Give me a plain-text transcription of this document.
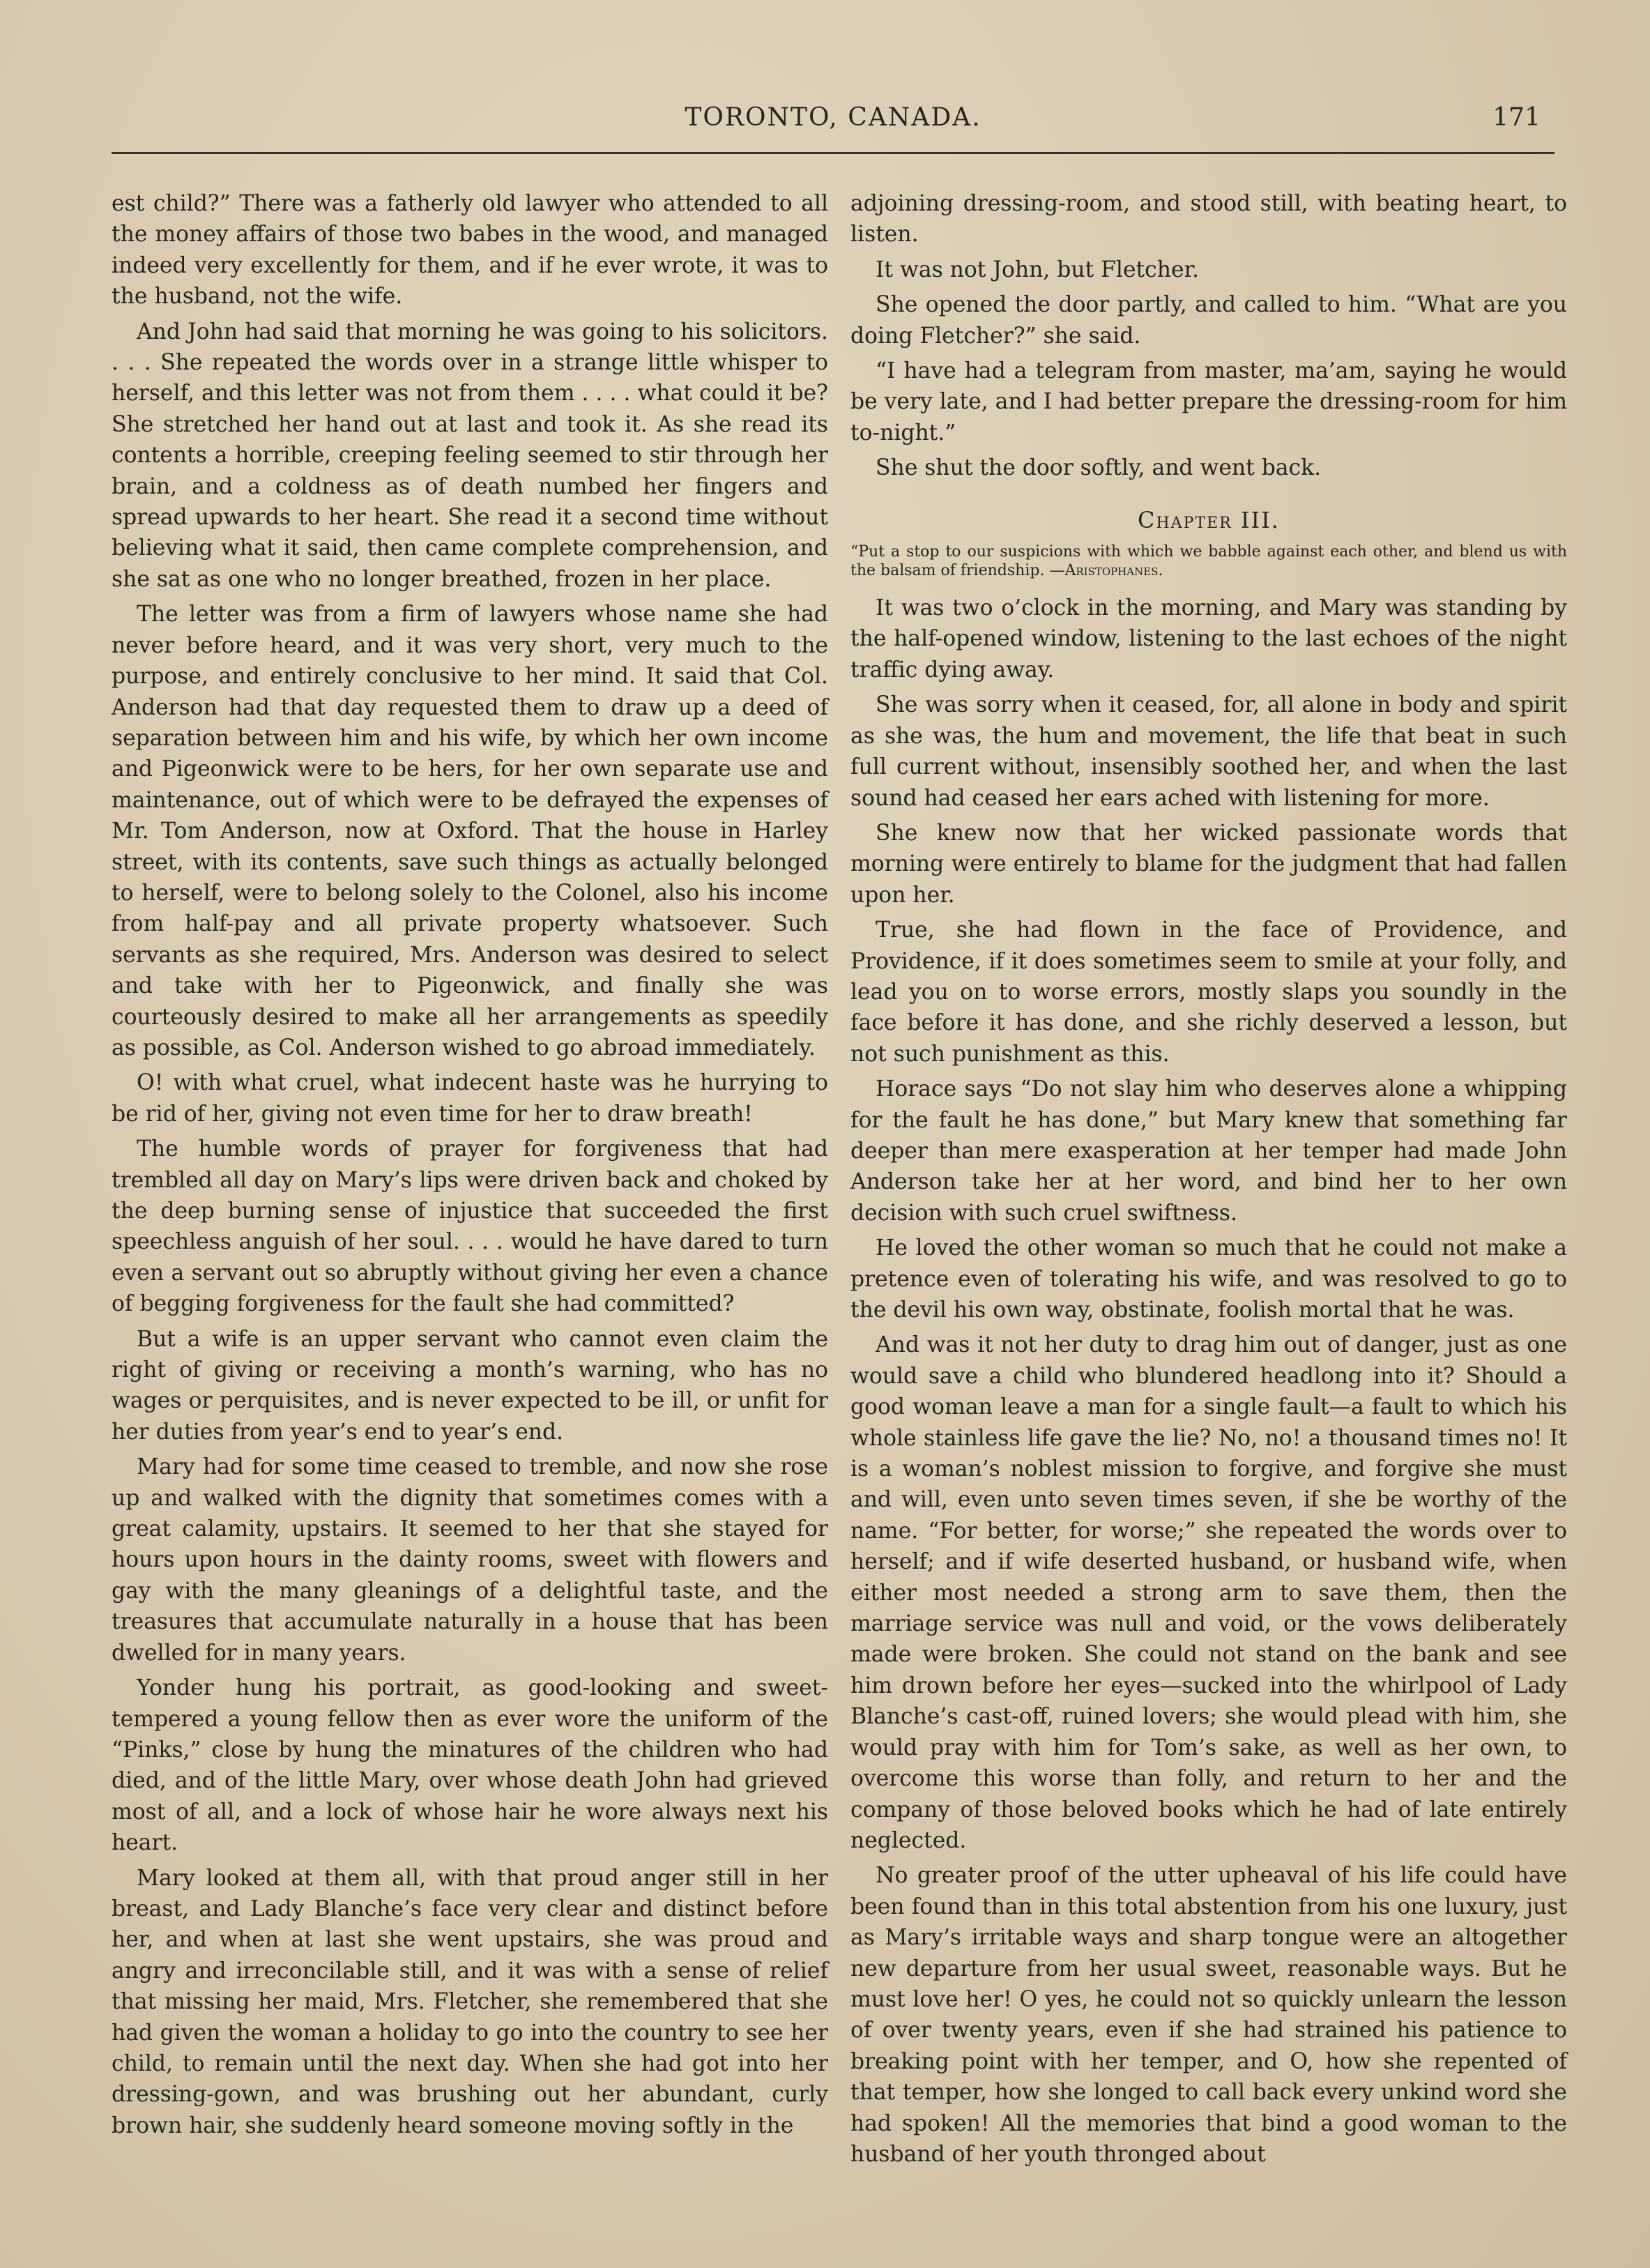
TORONTO, CANADA.	171

est child?” There was a fatherly old lawyer who attended to all the money affairs of those two babes in the wood, and managed indeed very excellently for them, and if he ever wrote, it was to the husband, not the wife.

And John had said that morning he was going to his solicitors. . . . She repeated the words over in a strange little whisper to herself, and this letter was not from them . . . . what could it be? She stretched her hand out at last and took it. As she read its contents a horrible, creeping feeling seemed to stir through her brain, and a coldness as of death numbed her fingers and spread upwards to her heart. She read it a second time without believing what it said, then came complete comprehension, and she sat as one who no longer breathed, frozen in her place.

The letter was from a firm of lawyers whose name she had never before heard, and it was very short, very much to the purpose, and entirely conclusive to her mind. It said that Col. Anderson had that day requested them to draw up a deed of separation between him and his wife, by which her own income and Pigeonwick were to be hers, for her own separate use and maintenance, out of which were to be defrayed the expenses of Mr. Tom Anderson, now at Oxford. That the house in Harley street, with its contents, save such things as actually belonged to herself, were to belong solely to the Colonel, also his income from half-pay and all private property whatsoever. Such servants as she required, Mrs. Anderson was desired to select and take with her to Pigeonwick, and finally she was courteously desired to make all her arrangements as speedily as possible, as Col. Anderson wished to go abroad immediately.

O! with what cruel, what indecent haste was he hurrying to be rid of her, giving not even time for her to draw breath!

The humble words of prayer for forgiveness that had trembled all day on Mary’s lips were driven back and choked by the deep burning sense of injustice that succeeded the first speechless anguish of her soul. . . . would he have dared to turn even a servant out so abruptly without giving her even a chance of begging forgiveness for the fault she had committed?

But a wife is an upper servant who cannot even claim the right of giving or receiving a month’s warning, who has no wages or perquisites, and is never expected to be ill, or unfit for her duties from year’s end to year’s end.

Mary had for some time ceased to tremble, and now she rose up and walked with the dignity that sometimes comes with a great calamity, upstairs. It seemed to her that she stayed for hours upon hours in the dainty rooms, sweet with flowers and gay with the many gleanings of a delightful taste, and the treasures that accumulate naturally in a house that has been dwelled for in many years.

Yonder hung his portrait, as good-looking and sweet-tempered a young fellow then as ever wore the uniform of the “Pinks,” close by hung the minatures of the children who had died, and of the little Mary, over whose death John had grieved most of all, and a lock of whose hair he wore always next his heart.

Mary looked at them all, with that proud anger still in her breast, and Lady Blanche’s face very clear and distinct before her, and when at last she went upstairs, she was proud and angry and irreconcilable still, and it was with a sense of relief that missing her maid, Mrs. Fletcher, she remembered that she had given the woman a holiday to go into the country to see her child, to remain until the next day. When she had got into her dressing-gown, and was brushing out her abundant, curly brown hair, she suddenly heard someone moving softly in the

adjoining dressing-room, and stood still, with beating heart, to listen.

It was not John, but Fletcher.

She opened the door partly, and called to him. “What are you doing Fletcher?” she said.

“I have had a telegram from master, ma’am, saying he would be very late, and I had better prepare the dressing-room for him to-night.”

She shut the door softly, and went back.

Chapter III.
“Put a stop to our suspicions with which we babble against each other, and blend us with the balsam of friendship. —Aristophanes.

It was two o’clock in the morning, and Mary was standing by the half-opened window, listening to the last echoes of the night traffic dying away.

She was sorry when it ceased, for, all alone in body and spirit as she was, the hum and movement, the life that beat in such full current without, insensibly soothed her, and when the last sound had ceased her ears ached with listening for more.

She knew now that her wicked passionate words that morning were entirely to blame for the judgment that had fallen upon her.

True, she had flown in the face of Providence, and Providence, if it does sometimes seem to smile at your folly, and lead you on to worse errors, mostly slaps you soundly in the face before it has done, and she richly deserved a lesson, but not such punishment as this.

Horace says “Do not slay him who deserves alone a whipping for the fault he has done,” but Mary knew that something far deeper than mere exasperation at her temper had made John Anderson take her at her word, and bind her to her own decision with such cruel swiftness.

He loved the other woman so much that he could not make a pretence even of tolerating his wife, and was resolved to go to the devil his own way, obstinate, foolish mortal that he was.

And was it not her duty to drag him out of danger, just as one would save a child who blundered headlong into it? Should a good woman leave a man for a single fault—a fault to which his whole stainless life gave the lie? No, no! a thousand times no! It is a woman’s noblest mission to forgive, and forgive she must and will, even unto seven times seven, if she be worthy of the name. “For better, for worse;” she repeated the words over to herself; and if wife deserted husband, or husband wife, when either most needed a strong arm to save them, then the marriage service was null and void, or the vows deliberately made were broken. She could not stand on the bank and see him drown before her eyes—sucked into the whirlpool of Lady Blanche’s cast-off, ruined lovers; she would plead with him, she would pray with him for Tom’s sake, as well as her own, to overcome this worse than folly, and return to her and the company of those beloved books which he had of late entirely neglected.

No greater proof of the utter upheaval of his life could have been found than in this total abstention from his one luxury, just as Mary’s irritable ways and sharp tongue were an altogether new departure from her usual sweet, reasonable ways. But he must love her! O yes, he could not so quickly unlearn the lesson of over twenty years, even if she had strained his patience to breaking point with her temper, and O, how she repented of that temper, how she longed to call back every unkind word she had spoken! All the memories that bind a good woman to the husband of her youth thronged about
